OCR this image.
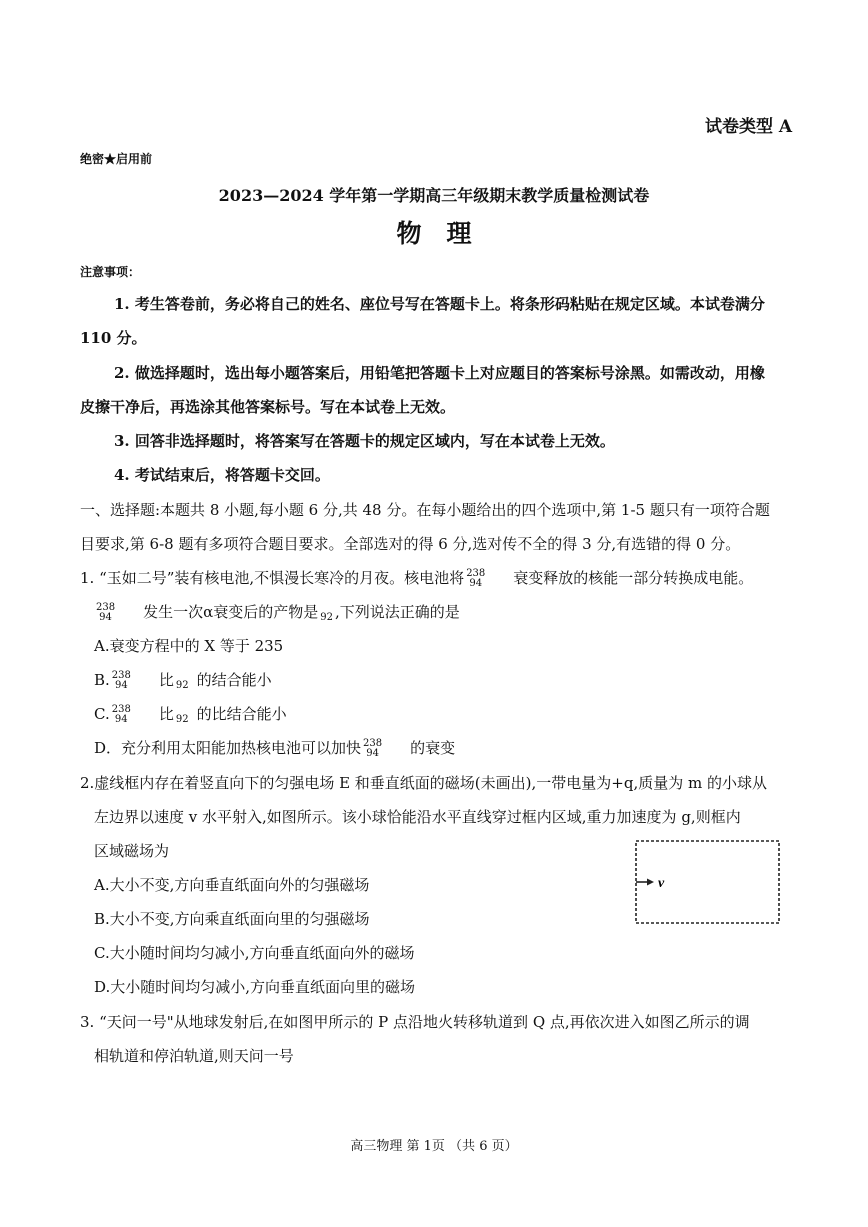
试卷类型 A
绝密★启用前
2023—2024 学年第一学期高三年级期末教学质量检测试卷
物　理
注意事项：
1. 考生答卷前，务必将自己的姓名、座位号写在答题卡上。将条形码粘贴在规定区域。本试卷满分
110 分。
2. 做选择题时，选出每小题答案后，用铅笔把答题卡上对应题目的答案标号涂黑。如需改动，用橡
皮擦干净后，再选涂其他答案标号。写在本试卷上无效。
3. 回答非选择题时，将答案写在答题卡的规定区域内，写在本试卷上无效。
4. 考试结束后，将答题卡交回。
一、选择题:本题共 8 小题,每小题 6 分,共 48 分。在每小题给出的四个选项中,第 1-5 题只有一项符合题
目要求,第 6-8 题有多项符合题目要求。全部选对的得 6 分,选对传不全的得 3 分,有选错的得 0 分。
1. “玉如二号”装有核电池,不惧漫长寒冷的月夜。核电池将 238
94 衰变释放的核能一部分转换成电能。
238
94 发生一次α衰变后的产物是 $_{92}$ ,下列说法正确的是
A.衰变方程中的 X 等于 235
B. 238
94 比 $_{92}$ 的结合能小
C. 238
94 比 $_{92}$ 的比结合能小
D．充分利用太阳能加热核电池可以加快 238
94 的衰变
2.虚线框内存在着竖直向下的匀强电场 E 和垂直纸面的磁场(未画出),一带电量为+q,质量为 m 的小球从
左边界以速度 v 水平射入,如图所示。该小球恰能沿水平直线穿过框内区域,重力加速度为 g,则框内
区域磁场为
v
A.大小不变,方向垂直纸面向外的匀强磁场
B.大小不变,方向乘直纸面向里的匀强磁场
C.大小随时间均匀减小,方向垂直纸面向外的磁场
D.大小随时间均匀减小,方向垂直纸面向里的磁场
3. “天问一号"从地球发射后,在如图甲所示的 P 点沿地火转移轨道到 Q 点,再依次进入如图乙所示的调
相轨道和停泊轨道,则天问一号
高三物理 第 1页 （共 6 页）
